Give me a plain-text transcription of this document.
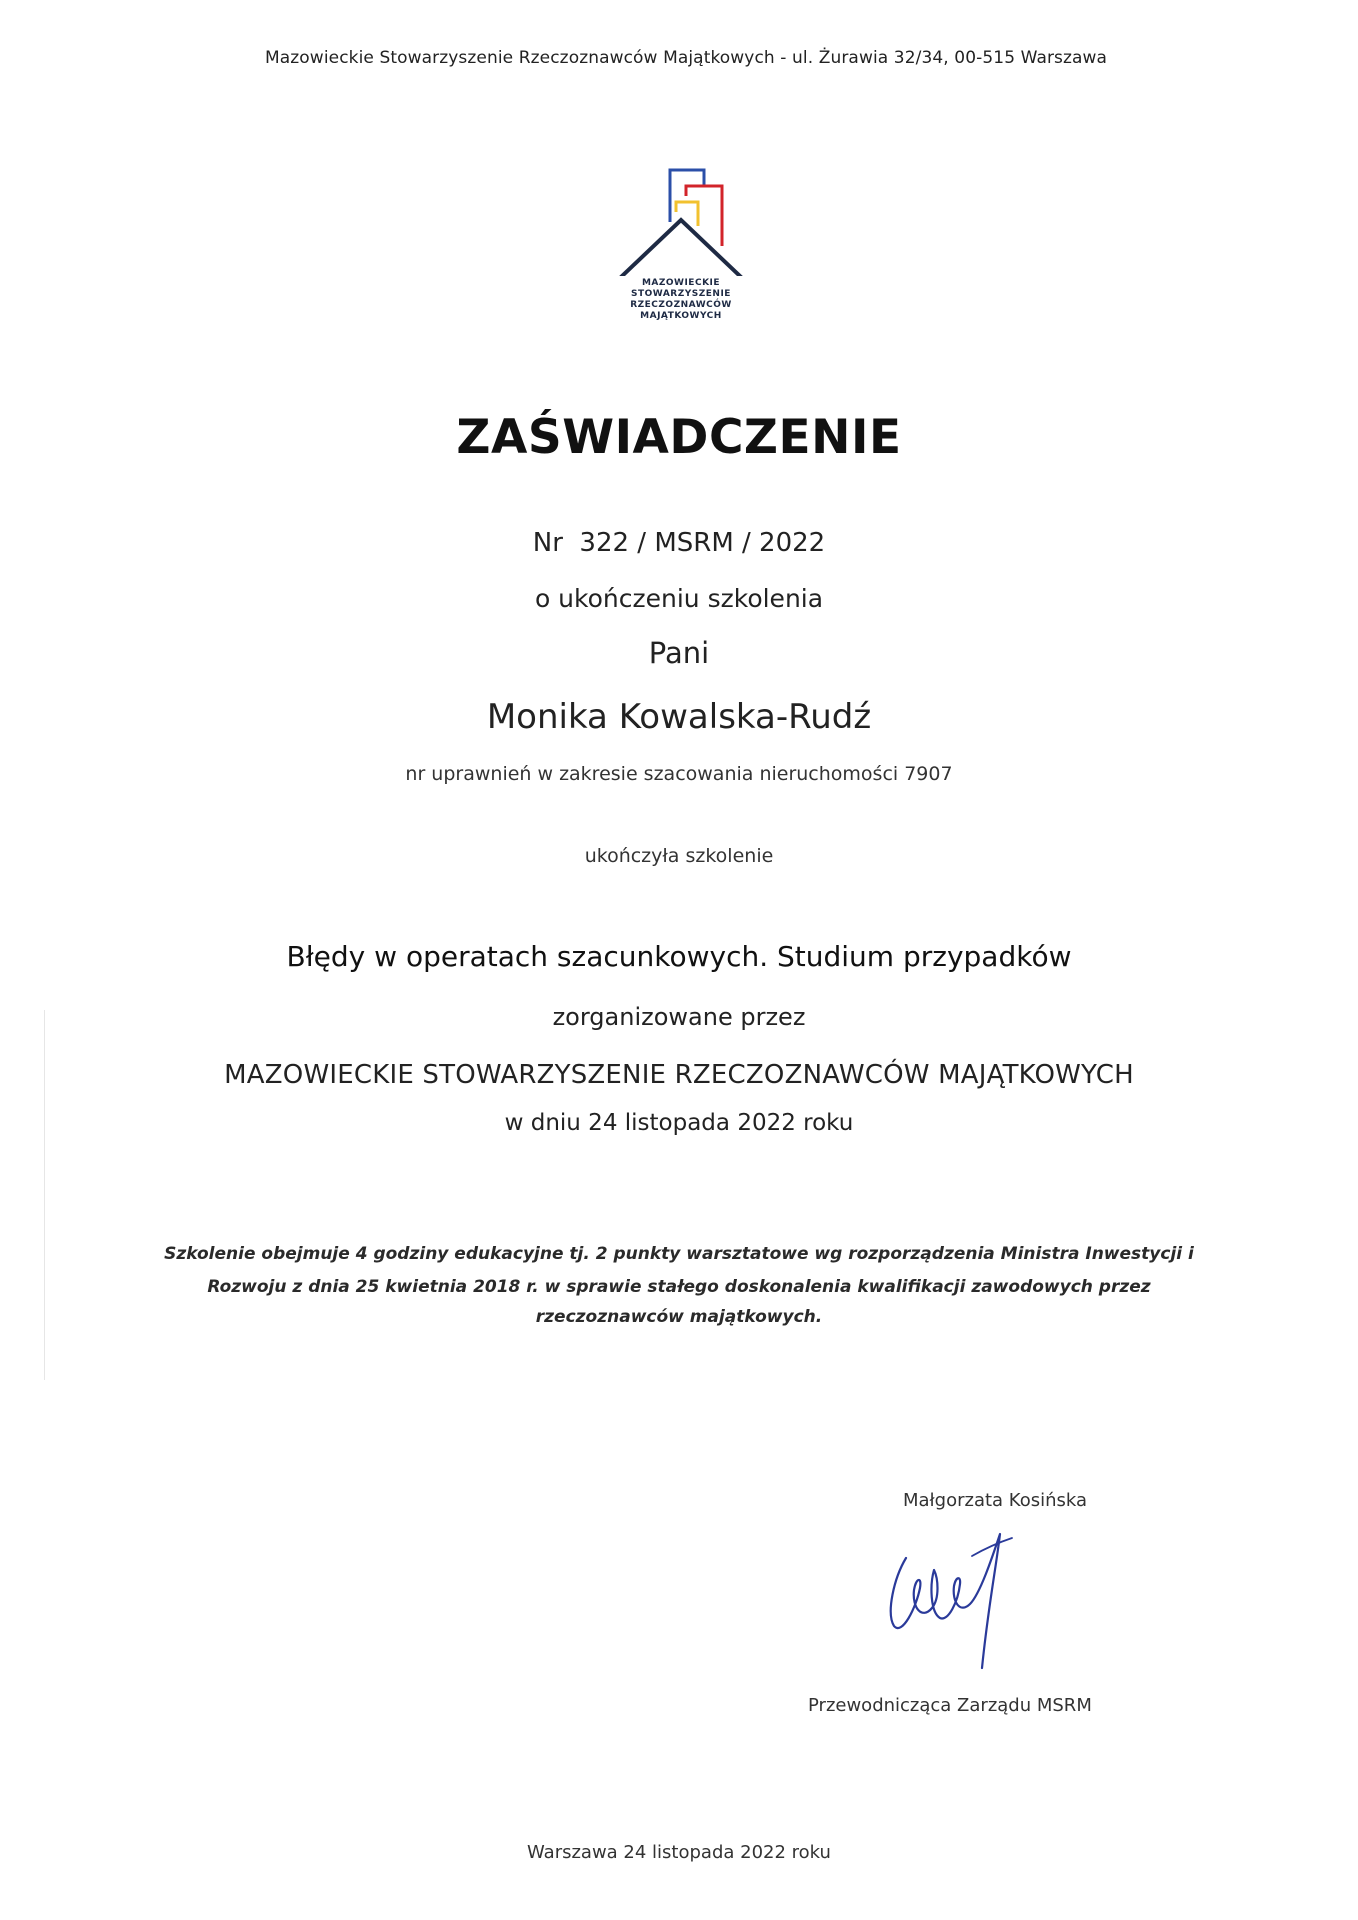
Mazowieckie Stowarzyszenie Rzeczoznawców Majątkowych - ul. Żurawia 32/34, 00-515 Warszawa
MAZOWIECKIE
STOWARZYSZENIE
RZECZOZNAWCÓW
MAJĄTKOWYCH
ZAŚWIADCZENIE
Nr  322 / MSRM / 2022
o ukończeniu szkolenia
Pani
Monika Kowalska-Rudź
nr uprawnień w zakresie szacowania nieruchomości 7907
ukończyła szkolenie
Błędy w operatach szacunkowych. Studium przypadków
zorganizowane przez
MAZOWIECKIE STOWARZYSZENIE RZECZOZNAWCÓW MAJĄTKOWYCH
w dniu 24 listopada 2022 roku
Szkolenie obejmuje 4 godziny edukacyjne tj. 2 punkty warsztatowe wg rozporządzenia Ministra Inwestycji i
Rozwoju z dnia 25 kwietnia 2018 r. w sprawie stałego doskonalenia kwalifikacji zawodowych przez
rzeczoznawców majątkowych.
Małgorzata Kosińska
Przewodnicząca Zarządu MSRM
Warszawa 24 listopada 2022 roku
